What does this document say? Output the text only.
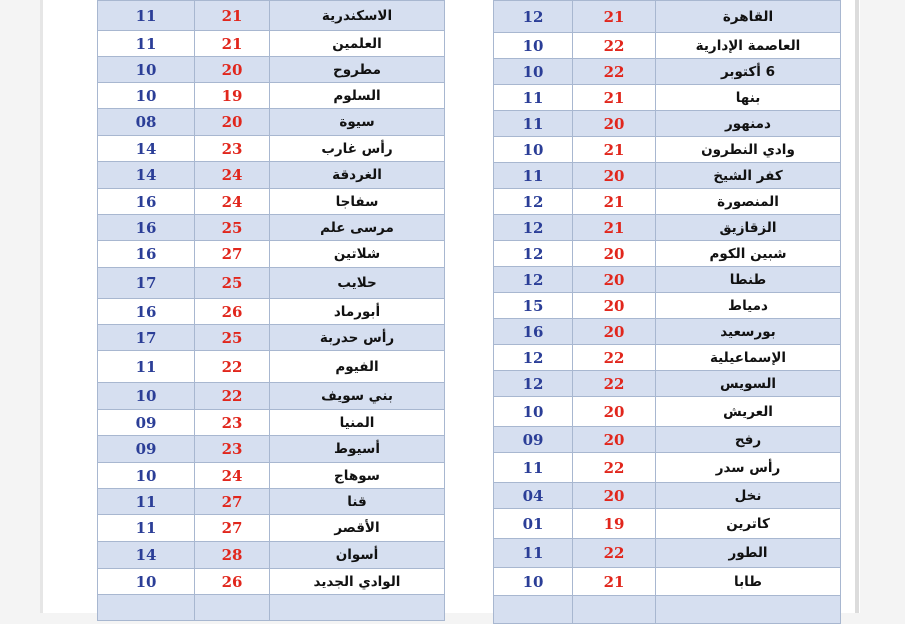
الاسكندرية	21	11
العلمين	21	11
مطروح	20	10
السلوم	19	10
سيوة	20	08
رأس غارب	23	14
الغردقة	24	14
سفاجا	24	16
مرسى علم	25	16
شلاتين	27	16
حلايب	25	17
أبورماد	26	16
رأس حدربة	25	17
الفيوم	22	11
بني سويف	22	10
المنيا	23	09
أسيوط	23	09
سوهاج	24	10
قنا	27	11
الأقصر	27	11
أسوان	28	14
الوادي الجديد	26	10

القاهرة	21	12
العاصمة الإدارية	22	10
6 أكتوبر	22	10
بنها	21	11
دمنهور	20	11
وادي النطرون	21	10
كفر الشيخ	20	11
المنصورة	21	12
الزقازيق	21	12
شبين الكوم	20	12
طنطا	20	12
دمياط	20	15
بورسعيد	20	16
الإسماعيلية	22	12
السويس	22	12
العريش	20	10
رفح	20	09
رأس سدر	22	11
نخل	20	04
كاترين	19	01
الطور	22	11
طابا	21	10
